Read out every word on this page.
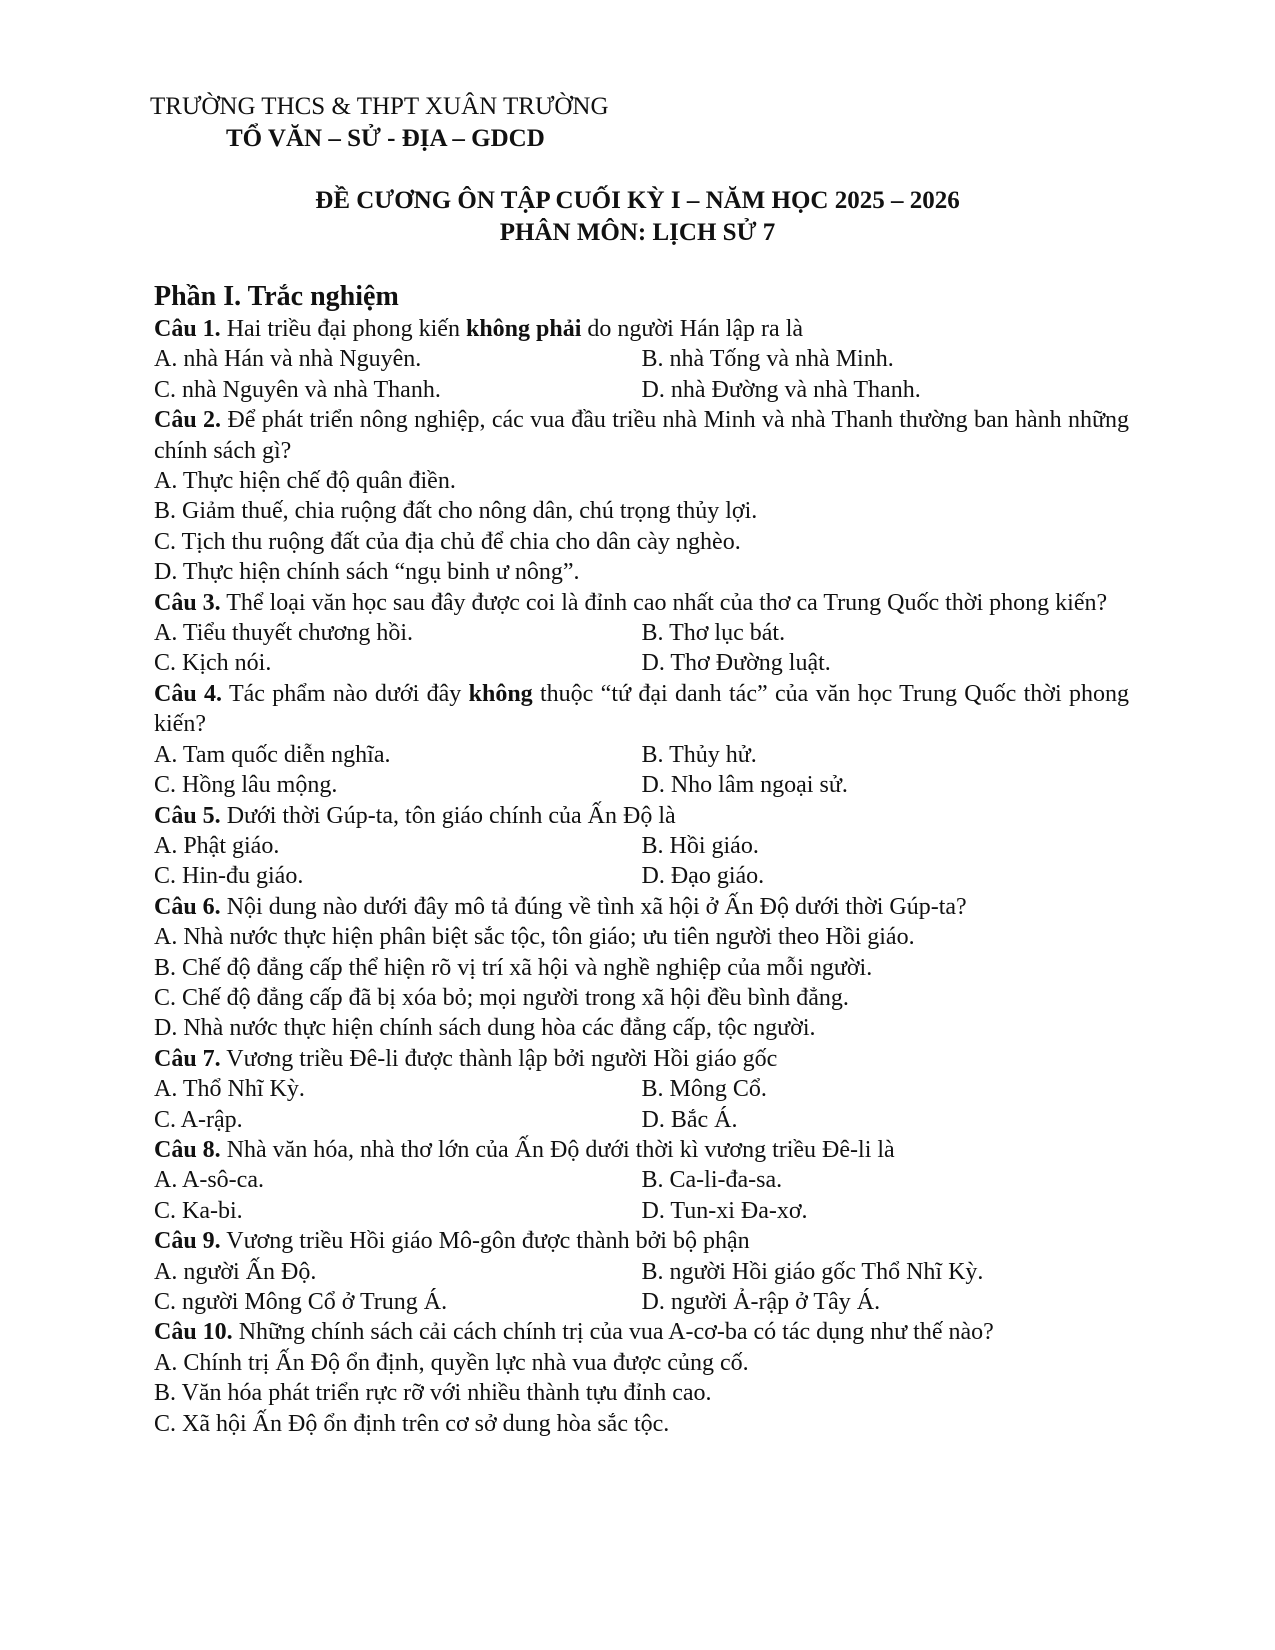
TRƯỜNG THCS & THPT XUÂN TRƯỜNG

TỔ VĂN – SỬ - ĐỊA – GDCD

ĐỀ CƯƠNG ÔN TẬP CUỐI KỲ I – NĂM HỌC 2025 – 2026

PHÂN MÔN: LỊCH SỬ 7

Phần I. Trắc nghiệm

Câu 1. Hai triều đại phong kiến không phải do người Hán lập ra là
A. nhà Hán và nhà Nguyên.	B. nhà Tống và nhà Minh.
C. nhà Nguyên và nhà Thanh.	D. nhà Đường và nhà Thanh.
Câu 2. Để phát triển nông nghiệp, các vua đầu triều nhà Minh và nhà Thanh thường ban hành những chính sách gì?
A. Thực hiện chế độ quân điền.
B. Giảm thuế, chia ruộng đất cho nông dân, chú trọng thủy lợi.
C. Tịch thu ruộng đất của địa chủ để chia cho dân cày nghèo.
D. Thực hiện chính sách “ngụ binh ư nông”.
Câu 3. Thể loại văn học sau đây được coi là đỉnh cao nhất của thơ ca Trung Quốc thời phong kiến?
A. Tiểu thuyết chương hồi.	B. Thơ lục bát.
C. Kịch nói.	D. Thơ Đường luật.
Câu 4. Tác phẩm nào dưới đây không thuộc “tứ đại danh tác” của văn học Trung Quốc thời phong kiến?
A. Tam quốc diễn nghĩa.	B. Thủy hử.
C. Hồng lâu mộng.	D. Nho lâm ngoại sử.
Câu 5. Dưới thời Gúp-ta, tôn giáo chính của Ấn Độ là
A. Phật giáo.	B. Hồi giáo.
C. Hin-đu giáo.	D. Đạo giáo.
Câu 6. Nội dung nào dưới đây mô tả đúng về tình xã hội ở Ấn Độ dưới thời Gúp-ta?
A. Nhà nước thực hiện phân biệt sắc tộc, tôn giáo; ưu tiên người theo Hồi giáo.
B. Chế độ đẳng cấp thể hiện rõ vị trí xã hội và nghề nghiệp của mỗi người.
C. Chế độ đẳng cấp đã bị xóa bỏ; mọi người trong xã hội đều bình đẳng.
D. Nhà nước thực hiện chính sách dung hòa các đẳng cấp, tộc người.
Câu 7. Vương triều Đê-li được thành lập bởi người Hồi giáo gốc
A. Thổ Nhĩ Kỳ.	B. Mông Cổ.
C. A-rập.	D. Bắc Á.
Câu 8. Nhà văn hóa, nhà thơ lớn của Ấn Độ dưới thời kì vương triều Đê-li là
A. A-sô-ca.	B. Ca-li-đa-sa.
C. Ka-bi.	D. Tun-xi Đa-xơ.
Câu 9. Vương triều Hồi giáo Mô-gôn được thành bởi bộ phận
A. người Ấn Độ.	B. người Hồi giáo gốc Thổ Nhĩ Kỳ.
C. người Mông Cổ ở Trung Á.	D. người Ả-rập ở Tây Á.
Câu 10. Những chính sách cải cách chính trị của vua A-cơ-ba có tác dụng như thế nào?
A. Chính trị Ấn Độ ổn định, quyền lực nhà vua được củng cố.
B. Văn hóa phát triển rực rỡ với nhiều thành tựu đỉnh cao.
C. Xã hội Ấn Độ ổn định trên cơ sở dung hòa sắc tộc.
